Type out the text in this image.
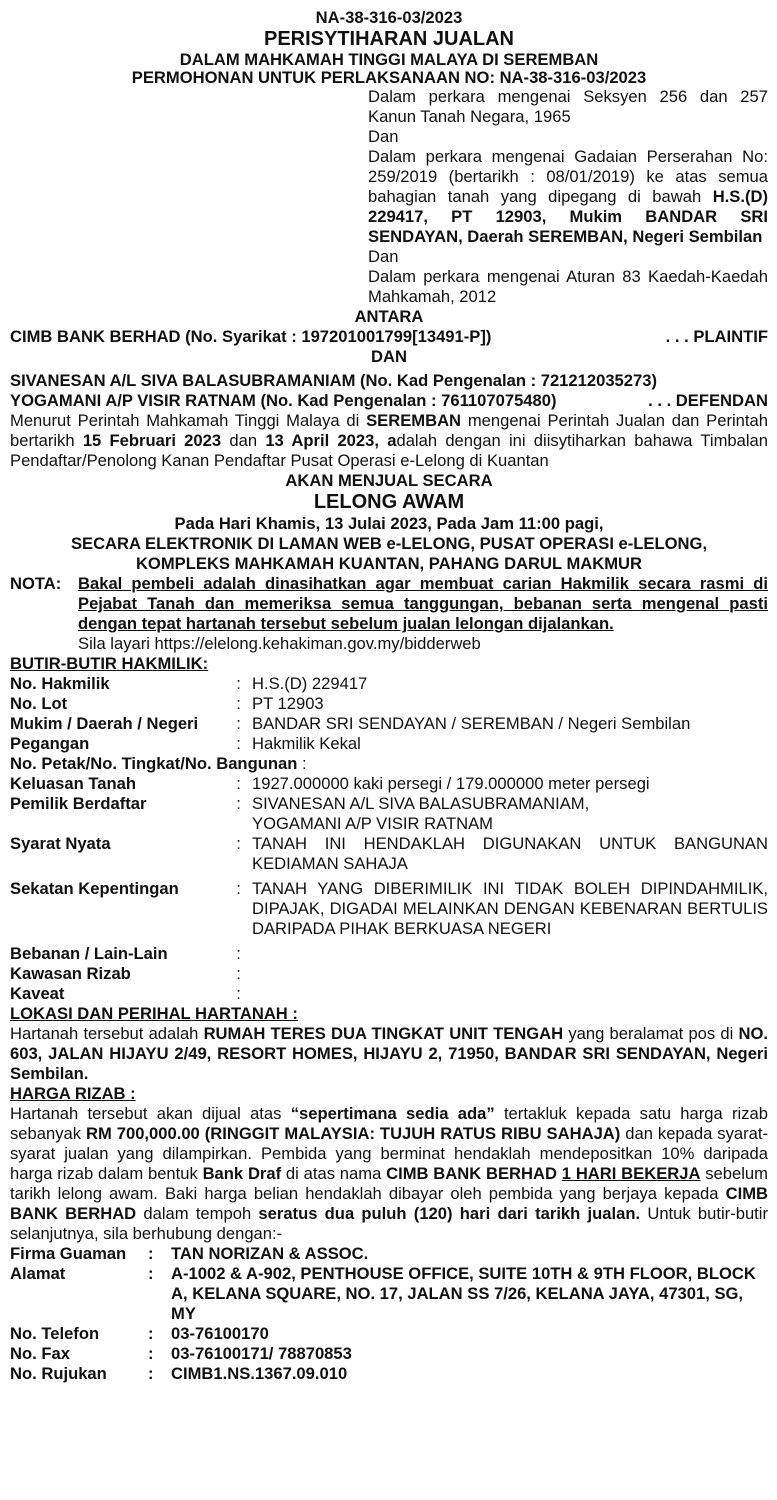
NA-38-316-03/2023
PERISYTIHARAN JUALAN
DALAM MAHKAMAH TINGGI MALAYA DI SEREMBAN
PERMOHONAN UNTUK PERLAKSANAAN NO: NA-38-316-03/2023
Dalam perkara mengenai Seksyen 256 dan 257 Kanun Tanah Negara, 1965
Dan
Dalam perkara mengenai Gadaian Perserahan No: 259/2019 (bertarikh : 08/01/2019) ke atas semua bahagian tanah yang dipegang di bawah H.S.(D) 229417, PT 12903, Mukim BANDAR SRI SENDAYAN, Daerah SEREMBAN, Negeri Sembilan
Dan
Dalam perkara mengenai Aturan 83 Kaedah-Kaedah Mahkamah, 2012
ANTARA
CIMB BANK BERHAD (No. Syarikat : 197201001799[13491-P])	. . . PLAINTIF
DAN
SIVANESAN A/L SIVA BALASUBRAMANIAM (No. Kad Pengenalan : 721212035273)
YOGAMANI A/P VISIR RATNAM (No. Kad Pengenalan : 761107075480)	. . . DEFENDAN
Menurut Perintah Mahkamah Tinggi Malaya di SEREMBAN mengenai Perintah Jualan dan Perintah bertarikh 15 Februari 2023 dan 13 April 2023, adalah dengan ini diisytiharkan bahawa Timbalan Pendaftar/Penolong Kanan Pendaftar Pusat Operasi e-Lelong di Kuantan
AKAN MENJUAL SECARA
LELONG AWAM
Pada Hari Khamis, 13 Julai 2023, Pada Jam 11:00 pagi,
SECARA ELEKTRONIK DI LAMAN WEB e-LELONG, PUSAT OPERASI e-LELONG,
KOMPLEKS MAHKAMAH KUANTAN, PAHANG DARUL MAKMUR
NOTA:	Bakal pembeli adalah dinasihatkan agar membuat carian Hakmilik secara rasmi di Pejabat Tanah dan memeriksa semua tanggungan, bebanan serta mengenal pasti dengan tepat hartanah tersebut sebelum jualan lelongan dijalankan.
Sila layari https://elelong.kehakiman.gov.my/bidderweb
BUTIR-BUTIR HAKMILIK:
No. Hakmilik	: H.S.(D) 229417
No. Lot	: PT 12903
Mukim / Daerah / Negeri	: BANDAR SRI SENDAYAN / SEREMBAN / Negeri Sembilan
Pegangan	: Hakmilik Kekal
No. Petak/No. Tingkat/No. Bangunan :
Keluasan Tanah	: 1927.000000 kaki persegi / 179.000000 meter persegi
Pemilik Berdaftar	: SIVANESAN A/L SIVA BALASUBRAMANIAM,
YOGAMANI A/P VISIR RATNAM
Syarat Nyata	: TANAH INI HENDAKLAH DIGUNAKAN UNTUK BANGUNAN KEDIAMAN SAHAJA
Sekatan Kepentingan	: TANAH YANG DIBERIMILIK INI TIDAK BOLEH DIPINDAHMILIK, DIPAJAK, DIGADAI MELAINKAN DENGAN KEBENARAN BERTULIS DARIPADA PIHAK BERKUASA NEGERI
Bebanan / Lain-Lain	:
Kawasan Rizab	:
Kaveat	:
LOKASI DAN PERIHAL HARTANAH :
Hartanah tersebut adalah RUMAH TERES DUA TINGKAT UNIT TENGAH yang beralamat pos di NO. 603, JALAN HIJAYU 2/49, RESORT HOMES, HIJAYU 2, 71950, BANDAR SRI SENDAYAN, Negeri Sembilan.
HARGA RIZAB :
Hartanah tersebut akan dijual atas “sepertimana sedia ada” tertakluk kepada satu harga rizab sebanyak RM 700,000.00 (RINGGIT MALAYSIA: TUJUH RATUS RIBU SAHAJA) dan kepada syarat-syarat jualan yang dilampirkan. Pembida yang berminat hendaklah mendepositkan 10% daripada harga rizab dalam bentuk Bank Draf di atas nama CIMB BANK BERHAD 1 HARI BEKERJA sebelum tarikh lelong awam. Baki harga belian hendaklah dibayar oleh pembida yang berjaya kepada CIMB BANK BERHAD dalam tempoh seratus dua puluh (120) hari dari tarikh jualan. Untuk butir-butir selanjutnya, sila berhubung dengan:-
Firma Guaman	:	TAN NORIZAN & ASSOC.
Alamat	:	A-1002 & A-902, PENTHOUSE OFFICE, SUITE 10TH & 9TH FLOOR, BLOCK A, KELANA SQUARE, NO. 17, JALAN SS 7/26, KELANA JAYA, 47301, SG, MY
No. Telefon	:	03-76100170
No. Fax	:	03-76100171/ 78870853
No. Rujukan	:	CIMB1.NS.1367.09.010
